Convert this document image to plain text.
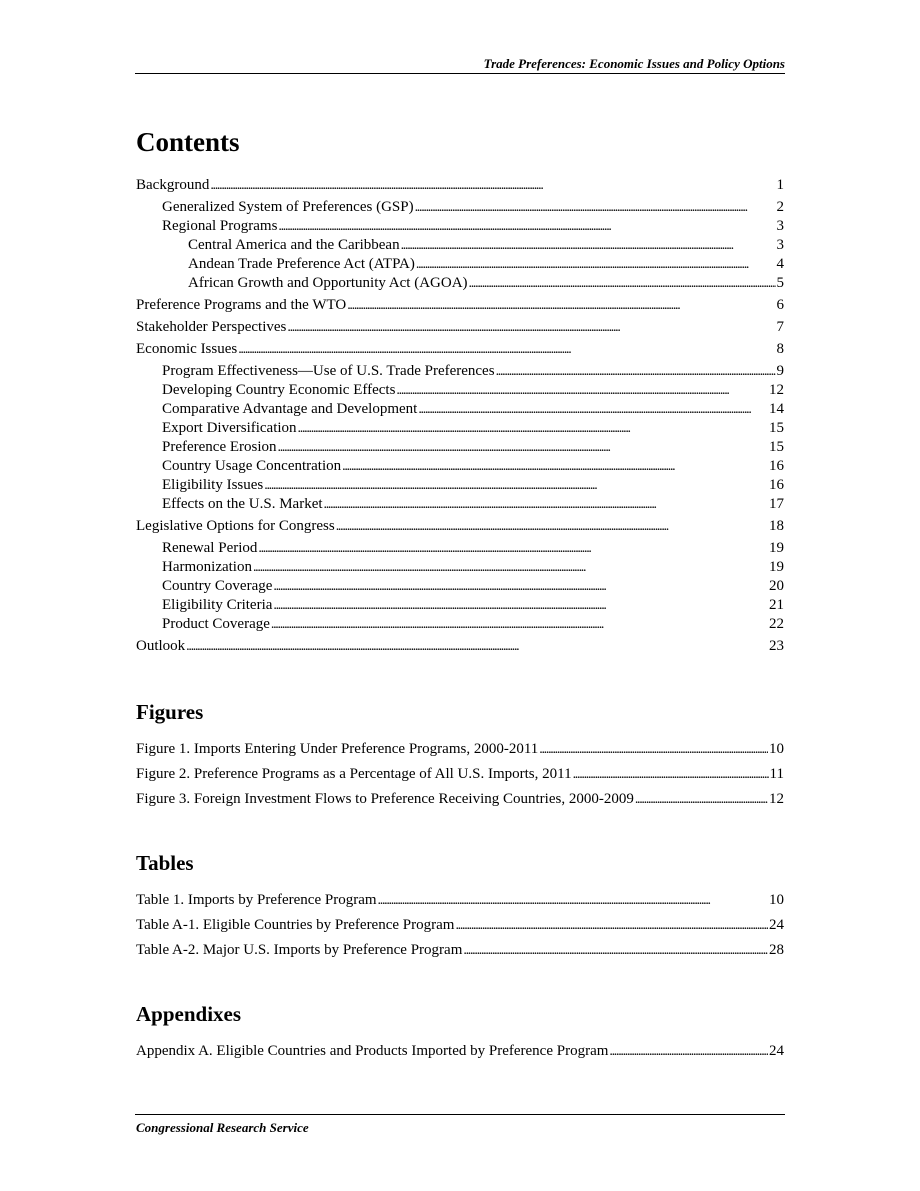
Trade Preferences: Economic Issues and Policy Options
Contents
Background . . .	1
Generalized System of Preferences (GSP) . . .	2
Regional Programs . . .	3
Central America and the Caribbean . . .	3
Andean Trade Preference Act (ATPA) . . .	4
African Growth and Opportunity Act (AGOA) . . .	5
Preference Programs and the WTO . . .	6
Stakeholder Perspectives . . .	7
Economic Issues . . .	8
Program Effectiveness—Use of U.S. Trade Preferences . . .	9
Developing Country Economic Effects . . .	12
Comparative Advantage and Development . . .	14
Export Diversification . . .	15
Preference Erosion . . .	15
Country Usage Concentration . . .	16
Eligibility Issues . . .	16
Effects on the U.S. Market . . .	17
Legislative Options for Congress . . .	18
Renewal Period . . .	19
Harmonization . . .	19
Country Coverage . . .	20
Eligibility Criteria . . .	21
Product Coverage . . .	22
Outlook . . .	23
Figures
Figure 1. Imports Entering Under Preference Programs, 2000-2011 . . .	10
Figure 2. Preference Programs as a Percentage of All U.S. Imports, 2011 . . .	11
Figure 3. Foreign Investment Flows to Preference Receiving Countries, 2000-2009 . . .	12
Tables
Table 1. Imports by Preference Program . . .	10
Table A-1. Eligible Countries by Preference Program . . .	24
Table A-2. Major U.S. Imports by Preference Program . . .	28
Appendixes
Appendix A. Eligible Countries and Products Imported by Preference Program . . .	24
Congressional Research Service
